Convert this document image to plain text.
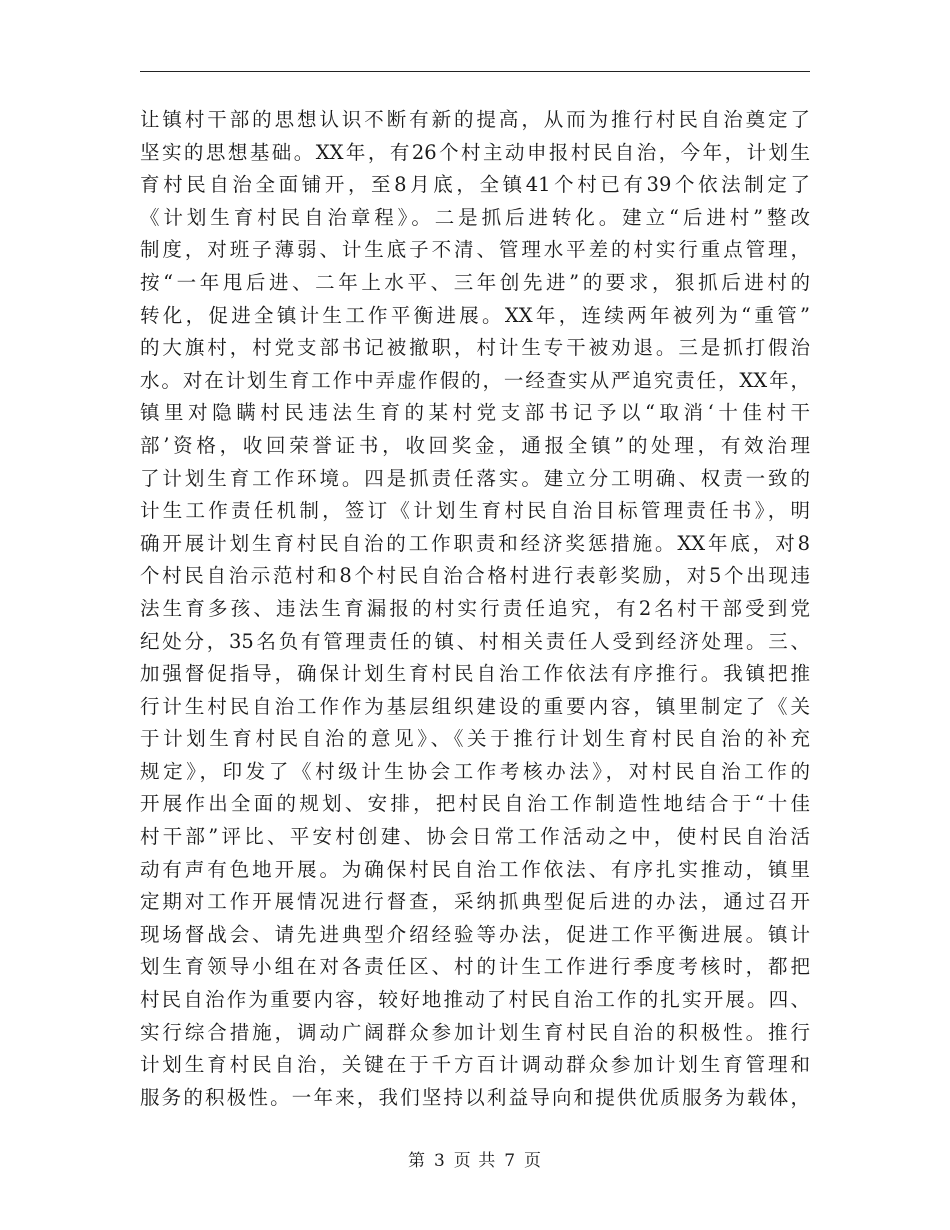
让镇村干部的思想认识不断有新的提高，从而为推行村民自治奠定了
坚实的思想基础。XX年，有26个村主动申报村民自治，今年，计划生
育村民自治全面铺开，至8月底，全镇41个村已有39个依法制定了
《计划生育村民自治章程》。二是抓后进转化。建立“后进村”整改
制度，对班子薄弱、计生底子不清、管理水平差的村实行重点管理，
按“一年甩后进、二年上水平、三年创先进”的要求，狠抓后进村的
转化，促进全镇计生工作平衡进展。XX年，连续两年被列为“重管”
的大旗村，村党支部书记被撤职，村计生专干被劝退。三是抓打假治
水。对在计划生育工作中弄虚作假的，一经查实从严追究责任，XX年，
镇里对隐瞒村民违法生育的某村党支部书记予以“取消‘十佳村干
部’资格，收回荣誉证书，收回奖金，通报全镇”的处理，有效治理
了计划生育工作环境。四是抓责任落实。建立分工明确、权责一致的
计生工作责任机制，签订《计划生育村民自治目标管理责任书》，明
确开展计划生育村民自治的工作职责和经济奖惩措施。XX年底，对8
个村民自治示范村和8个村民自治合格村进行表彰奖励，对5个出现违
法生育多孩、违法生育漏报的村实行责任追究，有2名村干部受到党
纪处分，35名负有管理责任的镇、村相关责任人受到经济处理。三、
加强督促指导，确保计划生育村民自治工作依法有序推行。我镇把推
行计生村民自治工作作为基层组织建设的重要内容，镇里制定了《关
于计划生育村民自治的意见》、《关于推行计划生育村民自治的补充
规定》，印发了《村级计生协会工作考核办法》，对村民自治工作的
开展作出全面的规划、安排，把村民自治工作制造性地结合于“十佳
村干部”评比、平安村创建、协会日常工作活动之中，使村民自治活
动有声有色地开展。为确保村民自治工作依法、有序扎实推动，镇里
定期对工作开展情况进行督查，采纳抓典型促后进的办法，通过召开
现场督战会、请先进典型介绍经验等办法，促进工作平衡进展。镇计
划生育领导小组在对各责任区、村的计生工作进行季度考核时，都把
村民自治作为重要内容，较好地推动了村民自治工作的扎实开展。四、
实行综合措施，调动广阔群众参加计划生育村民自治的积极性。推行
计划生育村民自治，关键在于千方百计调动群众参加计划生育管理和
服务的积极性。一年来，我们坚持以利益导向和提供优质服务为载体，
第 3 页 共 7 页
